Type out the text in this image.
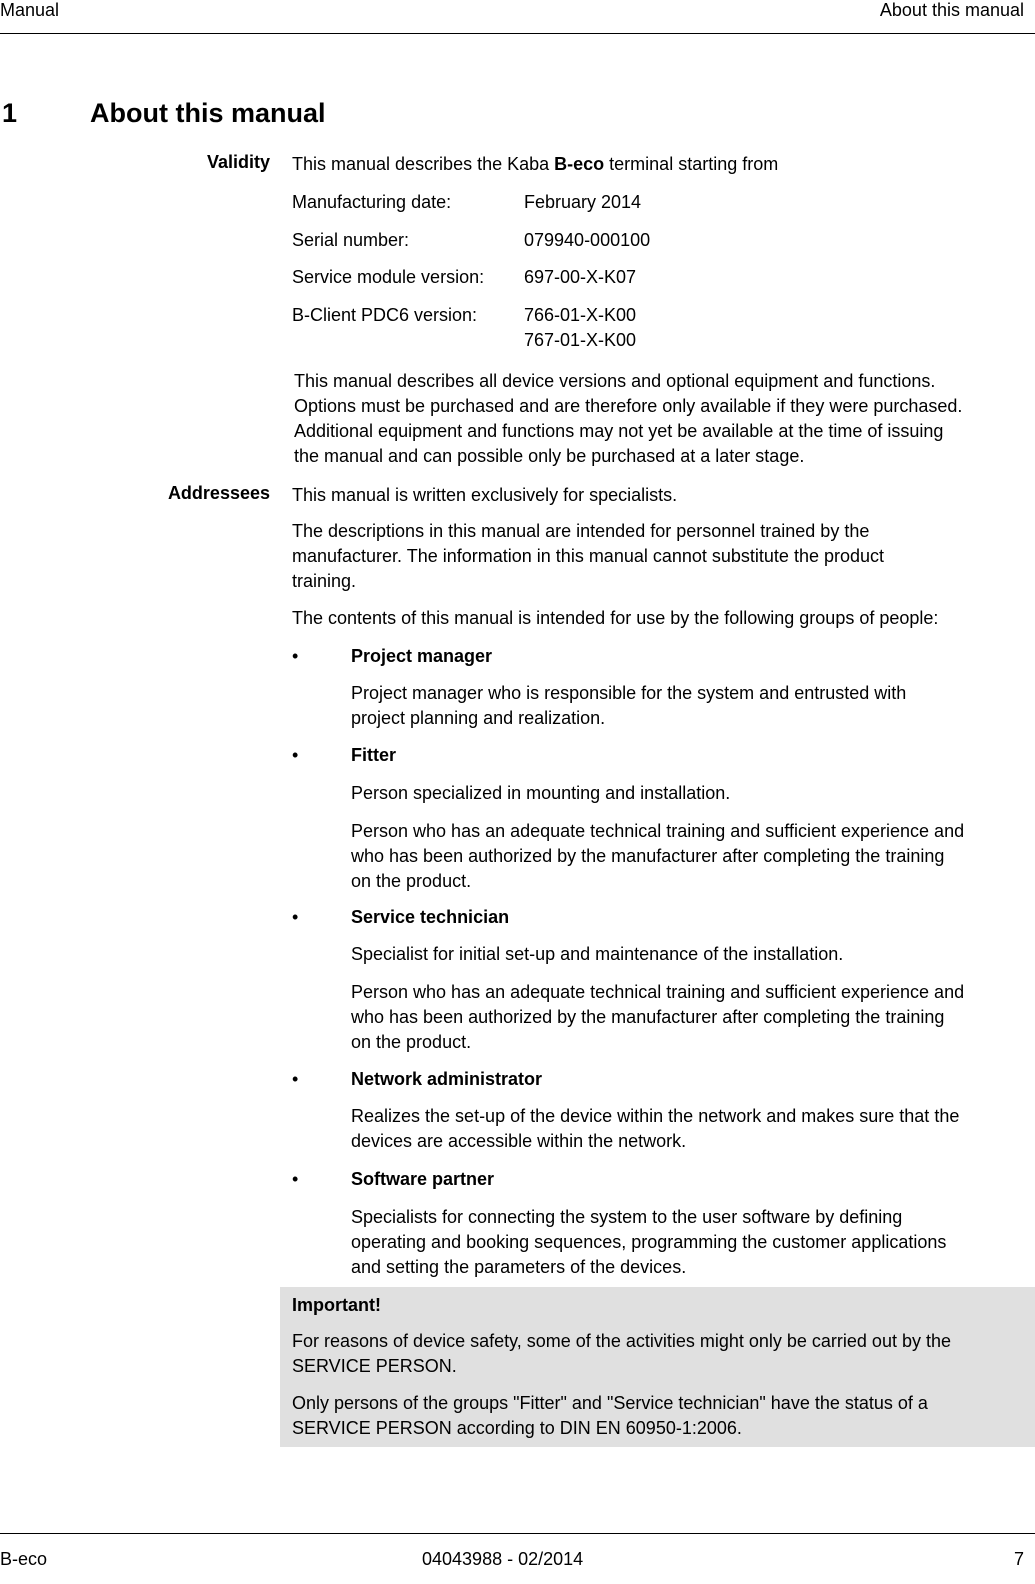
Manual	About this manual
1	About this manual
Validity This manual describes the Kaba B-eco terminal starting from
Manufacturing date:	February 2014
Serial number:	079940-000100
Service module version: 697-00-X-K07
B-Client PDC6 version:	766-01-X-K00
767-01-X-K00
This manual describes all device versions and optional equipment and functions.
Options must be purchased and are therefore only available if they were purchased.
Additional equipment and functions may not yet be available at the time of issuing
the manual and can possible only be purchased at a later stage.
Addressees This manual is written exclusively for specialists.
The descriptions in this manual are intended for personnel trained by the
manufacturer. The information in this manual cannot substitute the product
training.
The contents of this manual is intended for use by the following groups of people:
•	Project manager
Project manager who is responsible for the system and entrusted with
project planning and realization.
•	Fitter
Person specialized in mounting and installation.
Person who has an adequate technical training and sufficient experience and
who has been authorized by the manufacturer after completing the training
on the product.
•	Service technician
Specialist for initial set-up and maintenance of the installation.
Person who has an adequate technical training and sufficient experience and
who has been authorized by the manufacturer after completing the training
on the product.
•	Network administrator
Realizes the set-up of the device within the network and makes sure that the
devices are accessible within the network.
•	Software partner
Specialists for connecting the system to the user software by defining
operating and booking sequences, programming the customer applications
and setting the parameters of the devices.
Important!
For reasons of device safety, some of the activities might only be carried out by the
SERVICE PERSON.
Only persons of the groups "Fitter" and "Service technician" have the status of a
SERVICE PERSON according to DIN EN 60950-1:2006.
B-eco	04043988 - 02/2014	7
